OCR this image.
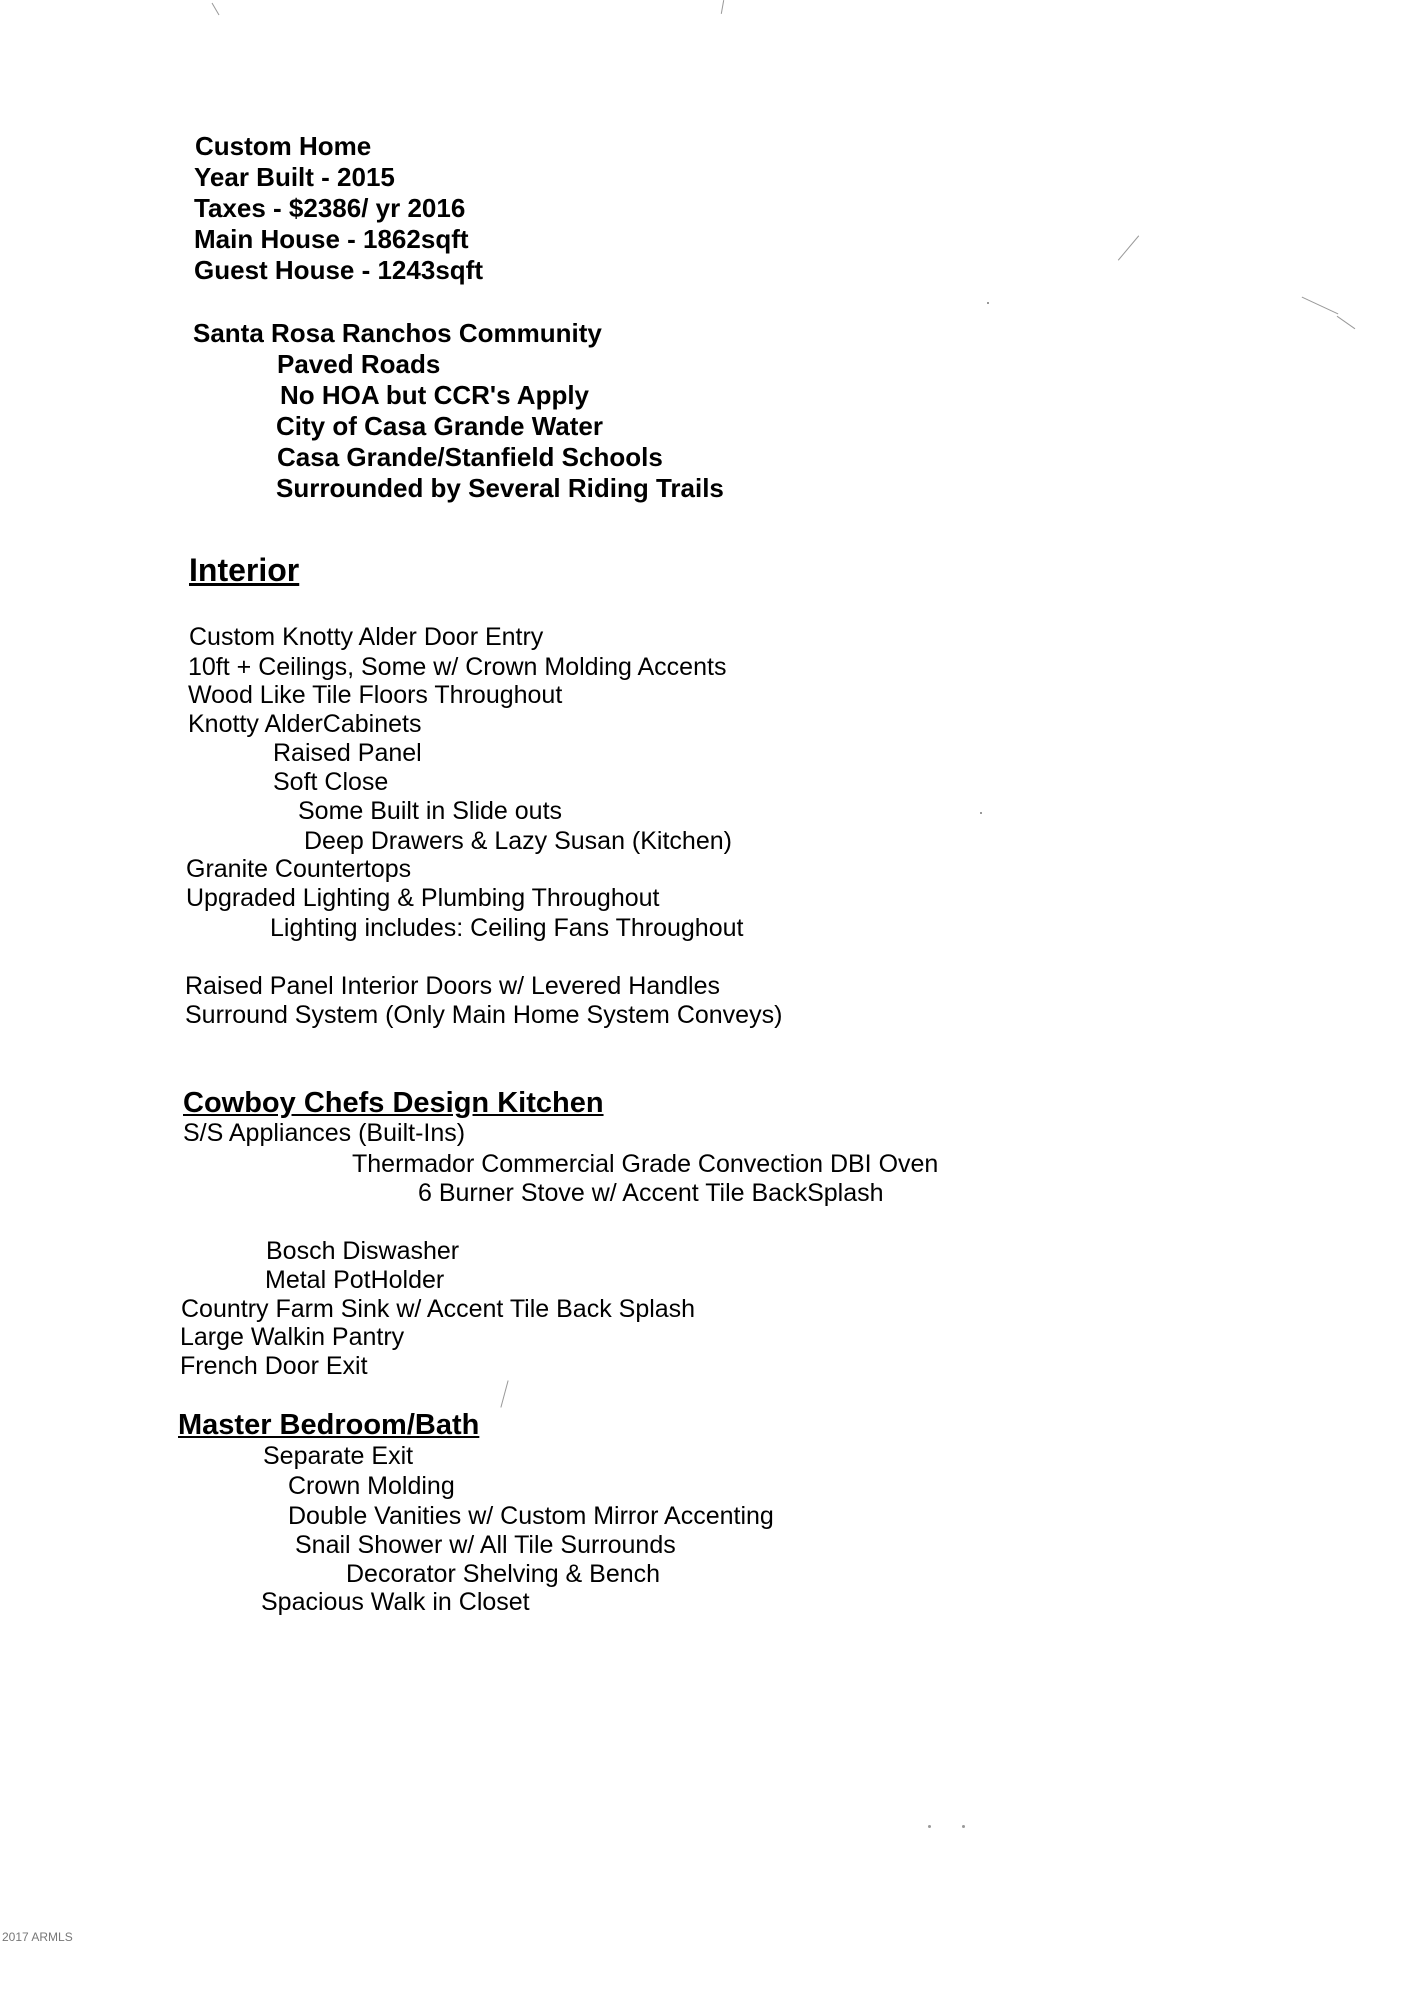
Custom Home
Year Built - 2015
Taxes - $2386/ yr 2016
Main House - 1862sqft
Guest House - 1243sqft
Santa Rosa Ranchos Community
Paved Roads
No HOA but CCR's Apply
City of Casa Grande Water
Casa Grande/Stanfield Schools
Surrounded by Several Riding Trails
Interior
Custom Knotty Alder Door Entry
10ft + Ceilings, Some w/ Crown Molding Accents
Wood Like Tile Floors Throughout
Knotty AlderCabinets
Raised Panel
Soft Close
Some Built in Slide outs
Deep Drawers & Lazy Susan (Kitchen)
Granite Countertops
Upgraded Lighting & Plumbing Throughout
Lighting includes: Ceiling Fans Throughout
Raised Panel Interior Doors w/ Levered Handles
Surround System (Only Main Home System Conveys)
Cowboy Chefs Design Kitchen
S/S Appliances (Built-Ins)
Thermador Commercial Grade Convection DBI Oven
6 Burner Stove w/ Accent Tile BackSplash
Bosch Diswasher
Metal PotHolder
Country Farm Sink w/ Accent Tile Back Splash
Large Walkin Pantry
French Door Exit
Master Bedroom/Bath
Separate Exit
Crown Molding
Double Vanities w/ Custom Mirror Accenting
Snail Shower w/ All Tile Surrounds
Decorator Shelving & Bench
Spacious Walk in Closet
2017 ARMLS
